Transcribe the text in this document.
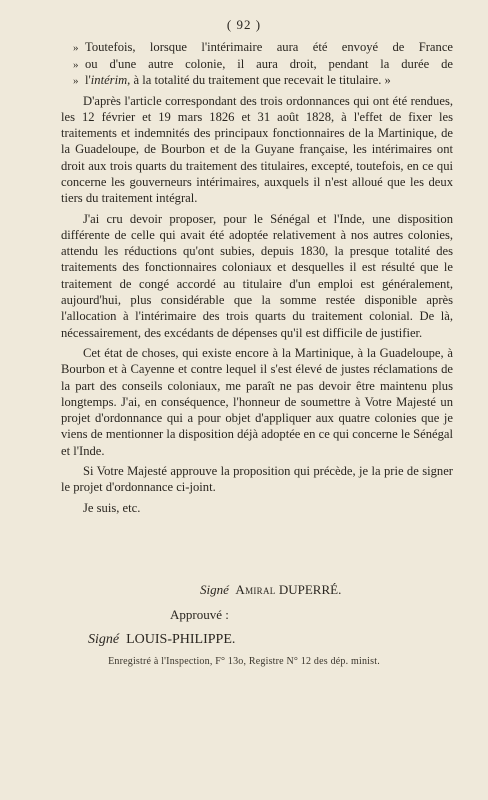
( 92 )
» Toutefois, lorsque l'intérimaire aura été envoyé de France
» ou d'une autre colonie, il aura droit, pendant la durée de
» l'intérim, à la totalité du traitement que recevait le titulaire. »

D'après l'article correspondant des trois ordonnances qui ont été rendues, les 12 février et 19 mars 1826 et 31 août 1828, à l'effet de fixer les traitements et indemnités des principaux fonctionnaires de la Martinique, de la Guadeloupe, de Bourbon et de la Guyane française, les intérimaires ont droit aux trois quarts du traitement des titulaires, excepté, toutefois, en ce qui concerne les gouverneurs intérimaires, auxquels il n'est alloué que les deux tiers du traitement intégral.

J'ai cru devoir proposer, pour le Sénégal et l'Inde, une disposition différente de celle qui avait été adoptée relativement à nos autres colonies, attendu les réductions qu'ont subies, depuis 1830, la presque totalité des traitements des fonctionnaires coloniaux et desquelles il est résulté que le traitement de congé accordé au titulaire d'un emploi est généralement, aujourd'hui, plus considérable que la somme restée disponible après l'allocation à l'intérimaire des trois quarts du traitement colonial. De là, nécessairement, des excédants de dépenses qu'il est difficile de justifier.

Cet état de choses, qui existe encore à la Martinique, à la Guadeloupe, à Bourbon et à Cayenne et contre lequel il s'est élevé de justes réclamations de la part des conseils coloniaux, me paraît ne pas devoir être maintenu plus longtemps. J'ai, en conséquence, l'honneur de soumettre à Votre Majesté un projet d'ordonnance qui a pour objet d'appliquer aux quatre colonies que je viens de mentionner la disposition déjà adoptée en ce qui concerne le Sénégal et l'Inde.

Si Votre Majesté approuve la proposition qui précède, je la prie de signer le projet d'ordonnance ci-joint.

Je suis, etc.

Signé Amiral DUPERRÉ.
Approuvé :
Signé LOUIS-PHILIPPE.
Enregistré à l'Inspection, F° 13o, Registre N° 12 des dép. minist.
